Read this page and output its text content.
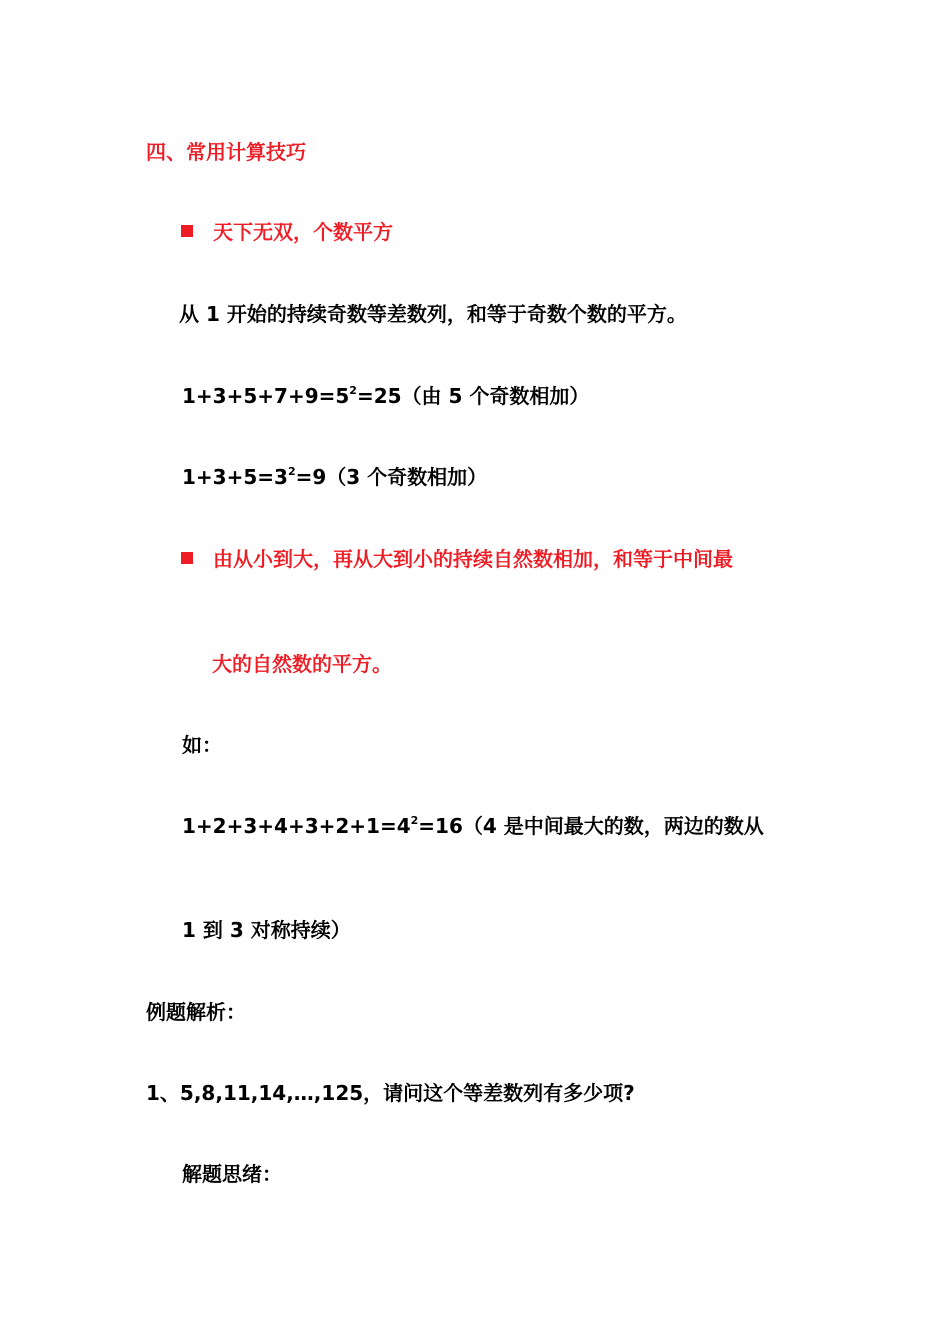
四、常用计算技巧
天下无双，个数平方
从 1 开始的持续奇数等差数列，和等于奇数个数的平方。
$1+3+5+7+9=5^2=25$（由 5 个奇数相加）
$1+3+5=3^2=9(3$ 个奇数相加）
由从小到大，再从大到小的持续自然数相加，和等于中间最
大的自然数的平方。
如：
$1+2+3+4+3+2+1=4^2=16(4$ 是中间最大的数，两边的数从
1 到 3 对称持续）
例题解析：
1、5,8,11,14,…,125，请问这个等差数列有多少项?
解题思绪：
